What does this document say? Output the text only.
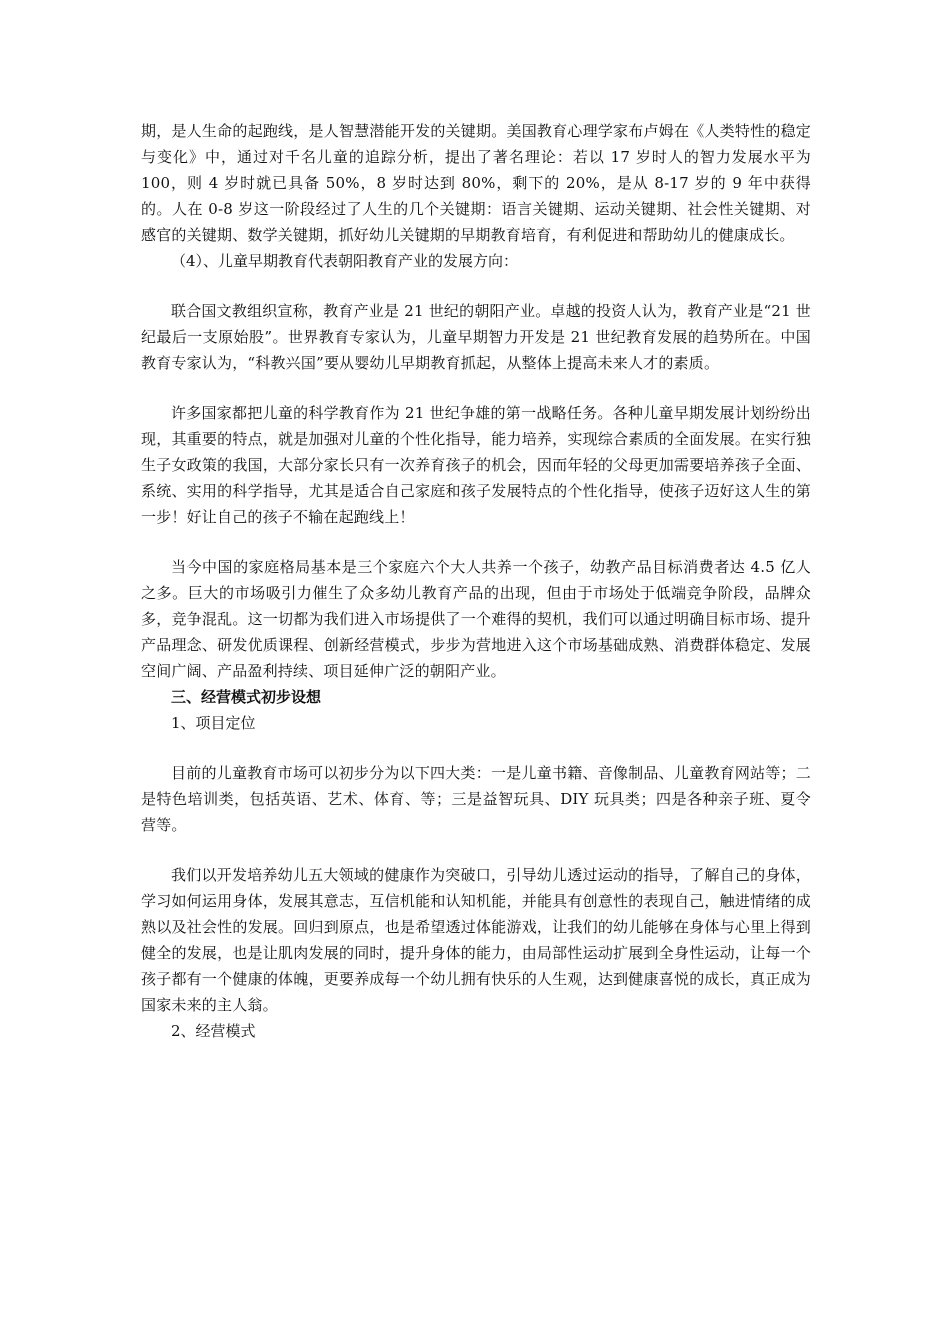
期，是人生命的起跑线，是人智慧潜能开发的关键期。美国教育心理学家布卢姆在《人类特性的稳定与变化》中，通过对千名儿童的追踪分析，提出了著名理论：若以 17 岁时人的智力发展水平为 100，则 4 岁时就已具备 50%，8 岁时达到 80%，剩下的 20%，是从 8-17 岁的 9 年中获得的。人在 0-8 岁这一阶段经过了人生的几个关键期：语言关键期、运动关键期、社会性关键期、对感官的关键期、数学关键期，抓好幼儿关键期的早期教育培育，有利促进和帮助幼儿的健康成长。

（4）、儿童早期教育代表朝阳教育产业的发展方向：

联合国文教组织宣称，教育产业是 21 世纪的朝阳产业。卓越的投资人认为，教育产业是“21 世纪最后一支原始股”。世界教育专家认为，儿童早期智力开发是 21 世纪教育发展的趋势所在。中国教育专家认为，“科教兴国”要从婴幼儿早期教育抓起，从整体上提高未来人才的素质。

许多国家都把儿童的科学教育作为 21 世纪争雄的第一战略任务。各种儿童早期发展计划纷纷出现，其重要的特点，就是加强对儿童的个性化指导，能力培养，实现综合素质的全面发展。在实行独生子女政策的我国，大部分家长只有一次养育孩子的机会，因而年轻的父母更加需要培养孩子全面、系统、实用的科学指导，尤其是适合自己家庭和孩子发展特点的个性化指导，使孩子迈好这人生的第一步！好让自己的孩子不输在起跑线上！

当今中国的家庭格局基本是三个家庭六个大人共养一个孩子，幼教产品目标消费者达 4.5 亿人之多。巨大的市场吸引力催生了众多幼儿教育产品的出现，但由于市场处于低端竞争阶段，品牌众多，竞争混乱。这一切都为我们进入市场提供了一个难得的契机，我们可以通过明确目标市场、提升产品理念、研发优质课程、创新经营模式，步步为营地进入这个市场基础成熟、消费群体稳定、发展空间广阔、产品盈利持续、项目延伸广泛的朝阳产业。

三、经营模式初步设想

1、项目定位

目前的儿童教育市场可以初步分为以下四大类：一是儿童书籍、音像制品、儿童教育网站等；二是特色培训类，包括英语、艺术、体育、等；三是益智玩具、DIY 玩具类；四是各种亲子班、夏令营等。

我们以开发培养幼儿五大领域的健康作为突破口，引导幼儿透过运动的指导，了解自己的身体，学习如何运用身体，发展其意志，互信机能和认知机能，并能具有创意性的表现自己，触进情绪的成熟以及社会性的发展。回归到原点，也是希望透过体能游戏，让我们的幼儿能够在身体与心里上得到健全的发展，也是让肌肉发展的同时，提升身体的能力，由局部性运动扩展到全身性运动，让每一个孩子都有一个健康的体魄，更要养成每一个幼儿拥有快乐的人生观，达到健康喜悦的成长，真正成为国家未来的主人翁。

2、经营模式
